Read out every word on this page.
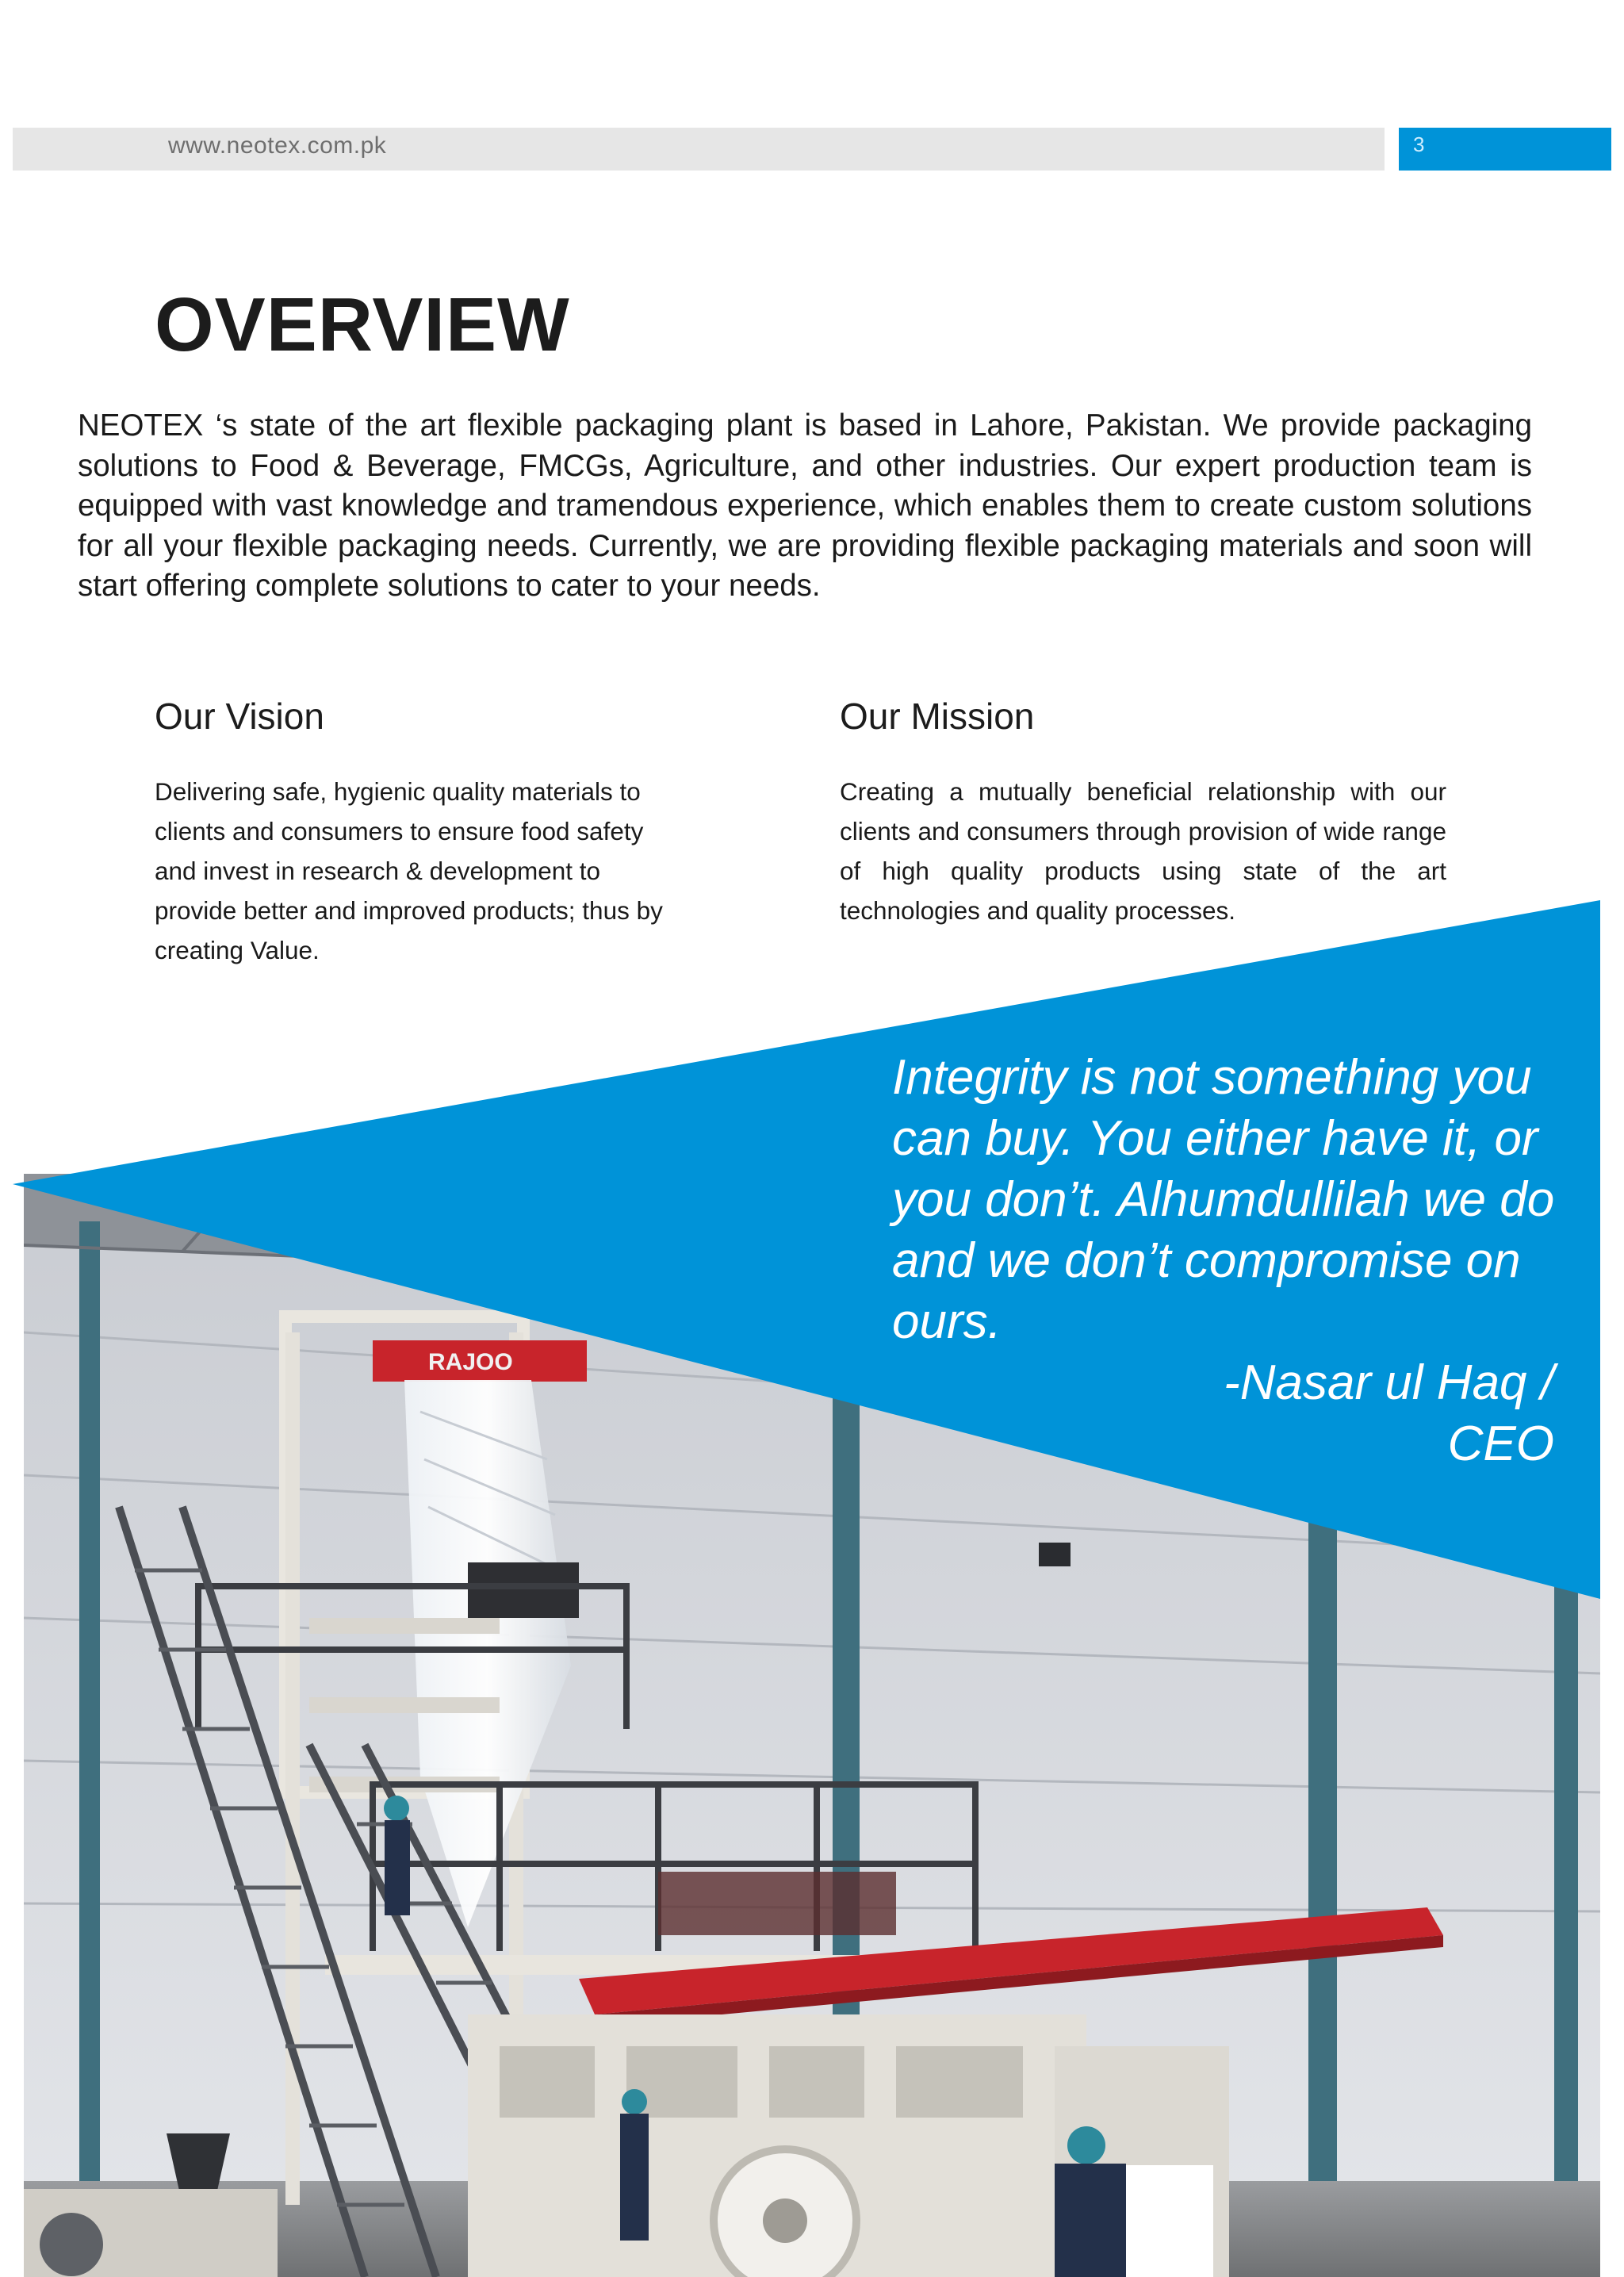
www.neotex.com.pk	3
OVERVIEW

NEOTEX ‘s state of the art flexible packaging plant is based in Lahore, Pakistan. We provide packaging solutions to Food & Beverage, FMCGs, Agriculture, and other industries. Our expert production team is equipped with vast knowledge and tramendous experience, which enables them to create custom solutions for all your flexible packaging needs. Currently, we are providing flexible packaging materials and soon will start offering complete solutions to cater to your needs.

Our Vision

Delivering safe, hygienic quality materials to clients and consumers to ensure food safety and invest in research & development to provide better and improved products; thus by creating Value.

Our Mission

Creating a mutually beneficial relationship with our clients and consumers through provision of wide range of high quality products using state of the art technologies and quality processes.

RAJOO

Integrity is not something you can buy. You either have it, or you don’t. Alhumdullilah we do and we don’t compromise on ours.

-Nasar ul Haq / CEO
